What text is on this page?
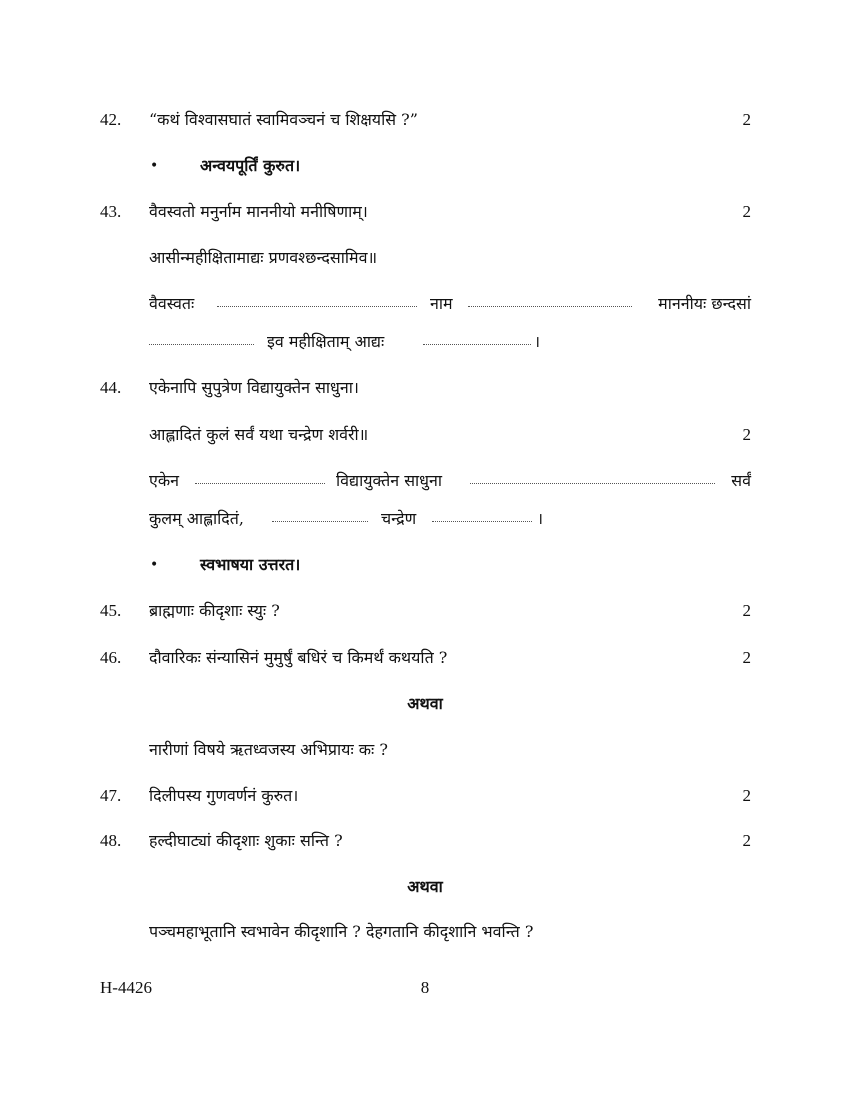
42.	“कथं विश्वासघातं स्वामिवञ्चनं च शिक्षयसि ?”	2
•	अन्वयपूर्तिं कुरुत।
43.	वैवस्वतो मनुर्नाम माननीयो मनीषिणाम्।	2
आसीन्महीक्षितामाद्यः प्रणवश्छन्दसामिव॥
वैवस्वतः	नाम	माननीयः छन्दसां
इव महीक्षिताम् आद्यः	।
44.	एकेनापि सुपुत्रेण विद्यायुक्तेन साधुना।
आह्लादितं कुलं सर्वं यथा चन्द्रेण शर्वरी॥	2
एकेन	विद्यायुक्तेन साधुना	सर्वं
कुलम् आह्लादितं,	चन्द्रेण	।
•	स्वभाषया उत्तरत।
45.	ब्राह्मणाः कीदृशाः स्युः ?	2
46.	दौवारिकः संन्यासिनं मुमुर्षुं बधिरं च किमर्थं कथयति ?	2
अथवा
नारीणां विषये ऋतध्वजस्य अभिप्रायः कः ?
47.	दिलीपस्य गुणवर्णनं कुरुत।	2
48.	हल्दीघाट्यां कीदृशाः शुकाः सन्ति ?	2
अथवा
पञ्चमहाभूतानि स्वभावेन कीदृशानि ? देहगतानि कीदृशानि भवन्ति ?
H-4426	8
